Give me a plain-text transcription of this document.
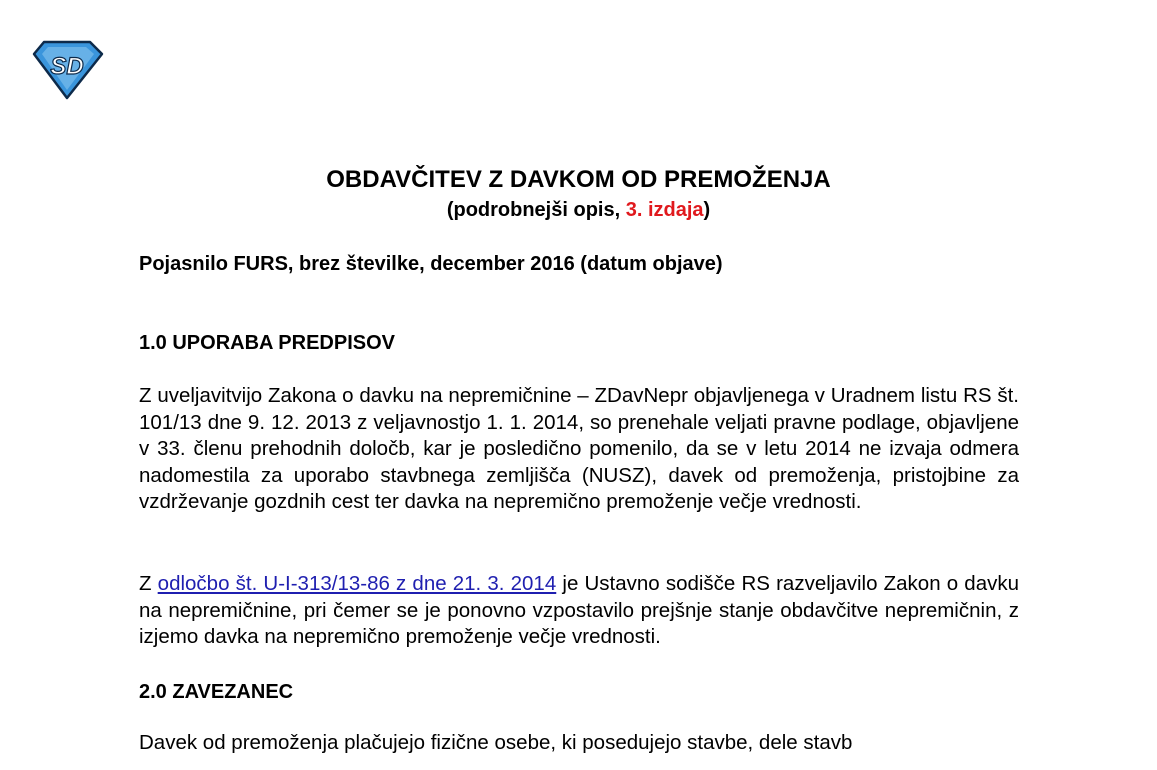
SD
OBDAVČITEV Z DAVKOM OD PREMOŽENJA
(podrobnejši opis, 3. izdaja)
Pojasnilo FURS, brez številke, december 2016 (datum objave)
1.0 UPORABA PREDPISOV

Z uveljavitvijo Zakona o davku na nepremičnine – ZDavNepr objavljenega v Uradnem listu RS št. 101/13 dne 9. 12. 2013 z veljavnostjo 1. 1. 2014, so prenehale veljati pravne podlage, objavljene v 33. členu prehodnih določb, kar je posledično pomenilo, da se v letu 2014 ne izvaja odmera nadomestila za uporabo stavbnega zemljišča (NUSZ), davek od premoženja, pristojbine za vzdrževanje gozdnih cest ter davka na nepremično premoženje večje vrednosti.

Z odločbo št. U-I-313/13-86 z dne 21. 3. 2014 je Ustavno sodišče RS razveljavilo Zakon o davku na nepremičnine, pri čemer se je ponovno vzpostavilo prejšnje stanje obdavčitve nepremičnin, z izjemo davka na nepremično premoženje večje vrednosti.

2.0 ZAVEZANEC

Davek od premoženja plačujejo fizične osebe, ki posedujejo stavbe, dele stavb
